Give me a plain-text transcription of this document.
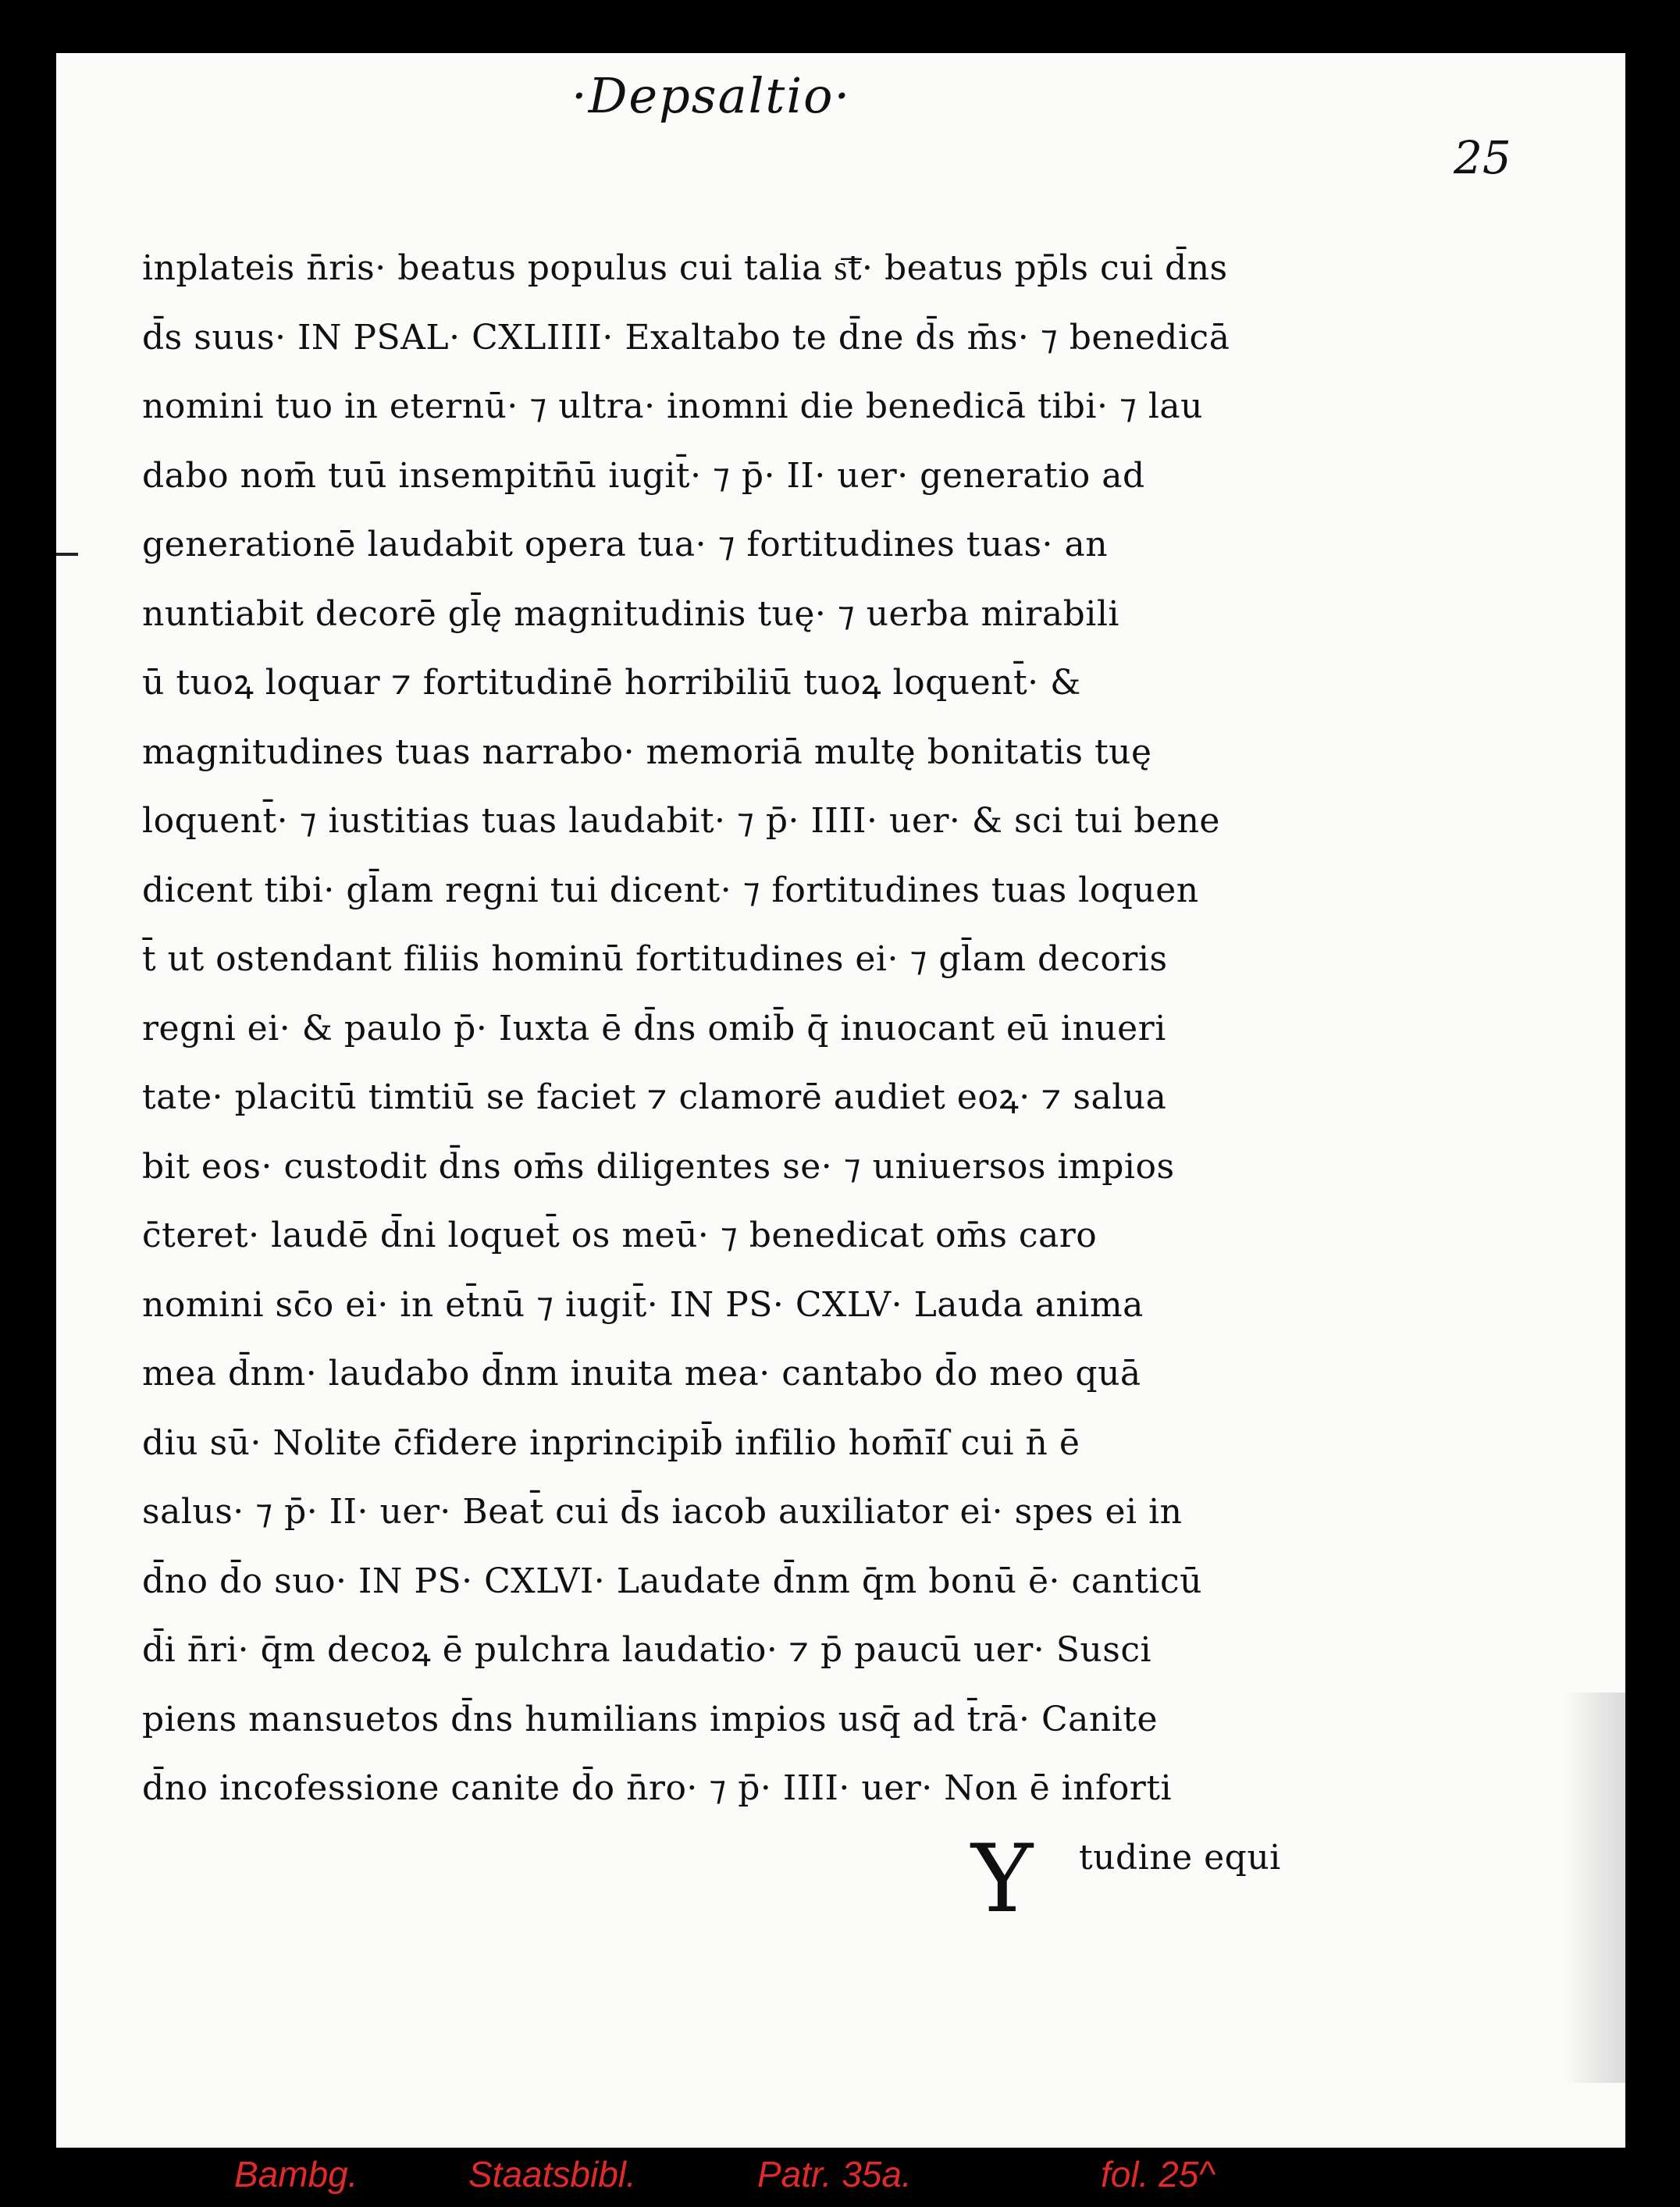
·Depsaltio·
25
inplateis n̄ris· beatus populus cui talia s͞t· beatus pp̄ls cui d̄ns
d̄s suus· IN PSAL· CXLIIII· Exaltabo te d̄ne d̄s m̄s· ⁊ benedicā
nomini tuo in eternū· ⁊ ultra· inomni die benedicā tibi· ⁊ lau
dabo nom̄ tuū insempitn̄ū iugit̄· ⁊ p̄· II· uer· generatio ad
generationē laudabit opera tua· ⁊ fortitudines tuas· an
nuntiabit decorē gl̄ę magnitudinis tuę· ⁊ uerba mirabili
ū tuoꝝ loquar ⁊ fortitudinē horribiliū tuoꝝ loquent̄· &
magnitudines tuas narrabo· memoriā multę bonitatis tuę
loquent̄· ⁊ iustitias tuas laudabit· ⁊ p̄· IIII· uer· & sci tui bene
dicent tibi· gl̄am regni tui dicent· ⁊ fortitudines tuas loquen
t̄ ut ostendant filiis hominū fortitudines ei· ⁊ gl̄am decoris
regni ei· & paulo p̄· Iuxta ē d̄ns omib̄ q̄ inuocant eū inueri
tate· placitū timtiū se faciet ⁊ clamorē audiet eoꝝ· ⁊ salua
bit eos· custodit d̄ns om̄s diligentes se· ⁊ uniuersos impios
c̄teret· laudē d̄ni loquet̄ os meū· ⁊ benedicat om̄s caro
nomini sc̄o ei· in et̄nū ⁊ iugit̄· IN PS· CXLV· Lauda anima
mea d̄nm· laudabo d̄nm inuita mea· cantabo d̄o meo quā
diu sū· Nolite c̄fidere inprincipib̄ infilio hom̄ı̄ſ cui n̄ ē
salus· ⁊ p̄· II· uer· Beat̄ cui d̄s iacob auxiliator ei· spes ei in
d̄no d̄o suo· IN PS· CXLVI· Laudate d̄nm q̄m bonū ē· canticū
d̄i n̄ri· q̄m decoꝝ ē pulchra laudatio· ⁊ p̄ paucū uer· Susci
piens mansuetos d̄ns humilians impios usq̄ ad t̄rā· Canite
d̄no incofessione canite d̄o n̄ro· ⁊ p̄· IIII· uer· Non ē inforti
tudine equi
Y
Bambg.	Staatsbibl.	Patr. 35a.	fol. 25^
